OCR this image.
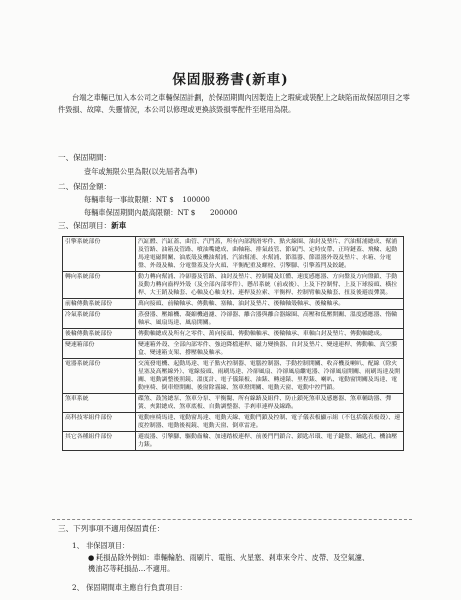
保固服務書(新車)
台端之車輛已加入本公司之車輛保固計劃，於保固期間內因製造上之瑕疵或裝配上之缺陷而故保固項目之零件毀損、故障、失靈情況，本公司以修理或更換該毀損零配件至堪用為限。
一、保固期間：
壹年或無限公里為限(以先屆者為準)
二、保固金額：
每輛車每一事故限額：NT $ 100000
每輛車保固期間內最高限額：NT $ 200000
三、保固項目：新車
引擎系統部份	汽缸體、汽缸蓋、曲管、汽門蓋，所有內部潤滑零件、點火線圈、油封及墊片、汽油幫浦總成、幫浦及管路、油箱及管路、噴油嘴總成、曲軸箱、排氣歧管、節氣門、定時皮帶、正時鏈蓋、飛輪、起動馬達電磁開關、油底殼及機油幫浦、汽油幫浦、水幫浦、節溫器、節溫器外殼及墊片、水箱、分電盤、外殼及軸、分電盤蓋及分火頭、平衡配重及螺栓、引擎腳、引擎蓋閂及鉸鏈。
轉向系統部份	動力轉向幫浦、冷卻器及管路、油封及墊片、控制閥及紅體、速度感應器、方向盤及方向盤鎖、手動及動力轉向齒桿外殼（及全部內部零件）、懸吊系統（前或後）、上及下控制臂、上及下球接頭、橫拉桿、大王銷及軸套、心軸及心軸支柱、連桿及拉索、平衡桿、控制臂軸及軸套、扭及後避震彈簧。
前輪傳動系統部份	萬向接頭、前輪軸承、傳動軸、塞軸、油封及墊片、後軸軸殼軸承、後輪軸承。
冷氣系統部份	蒸發器、壓縮機、凝縮機過濾、冷卻器、離合器與離合器線圈、高壓和低壓開關、溫度感應器、惰輪軸承、風扇馬達、風扇開關。
後輪傳動系統部份	傳動軸總成及所有之零件、萬向接頭、傳動軸軸承、後輪軸承、車軸白封及墊片、傳動軸總成。
變速箱部份	變速箱外殼、全部內部零件、強迫降檔連桿、磁力變換器、自封及墊片、變速連桿、傳動軸、真空膜盒、變速箱支架、撐壓軸及軸承。
電器系統部份	交流發電機、起動馬達、電子點火控制器、電腦控制器、手動控制開關、收音機及喇叭、配線（除火星塞及高壓線外）、電線接頭、雨刷馬達、冷卻風扇、冷卻風扇繼電器、冷卻風扇開關、雨刷馬達及開關、電動調整後照鏡、溫度計、電子儀錶板、油錶、轉速錶、里程錶、喇叭、電動窗開關及馬達、電動座椅、倒車燈開關、後窗除霧線、煞車燈開關、電動天窗、電動中控門鎖。
煞車系統	碟煞、鼓煞總泵、煞車分泵、平衡閥、所有線路及組件、防止鎖死煞車及感應器、煞車輔助器、彈簧、夾鉗總成、煞車底板、自動調整器、手剎車連桿及線路。
高科技零組件部份	電動座椅馬達、電動窗馬達、電動天線、電動門鎖及控制、電子儀表板顯示組（不包括儀表板殼）、速度控制器、電動後視鏡、電動天窗、倒車雷達。
其它各種組件部份	避震器、引擎腳、驅動齒輪、加速踏板連桿、前後門門鎖合、鎖匙吊環、電子鍵盤、鑰匙孔、機油壓力錶。
三、下列事項不適用保固責任：
1、 非保固項目：
● 耗損品除外例如：車輛輪胎、雨刷片、電瓶、火星塞、剎車來令片、皮帶、及空氣濾、機油芯等耗損品…不適用。
2、 保固期間車主應自行負責項目：
